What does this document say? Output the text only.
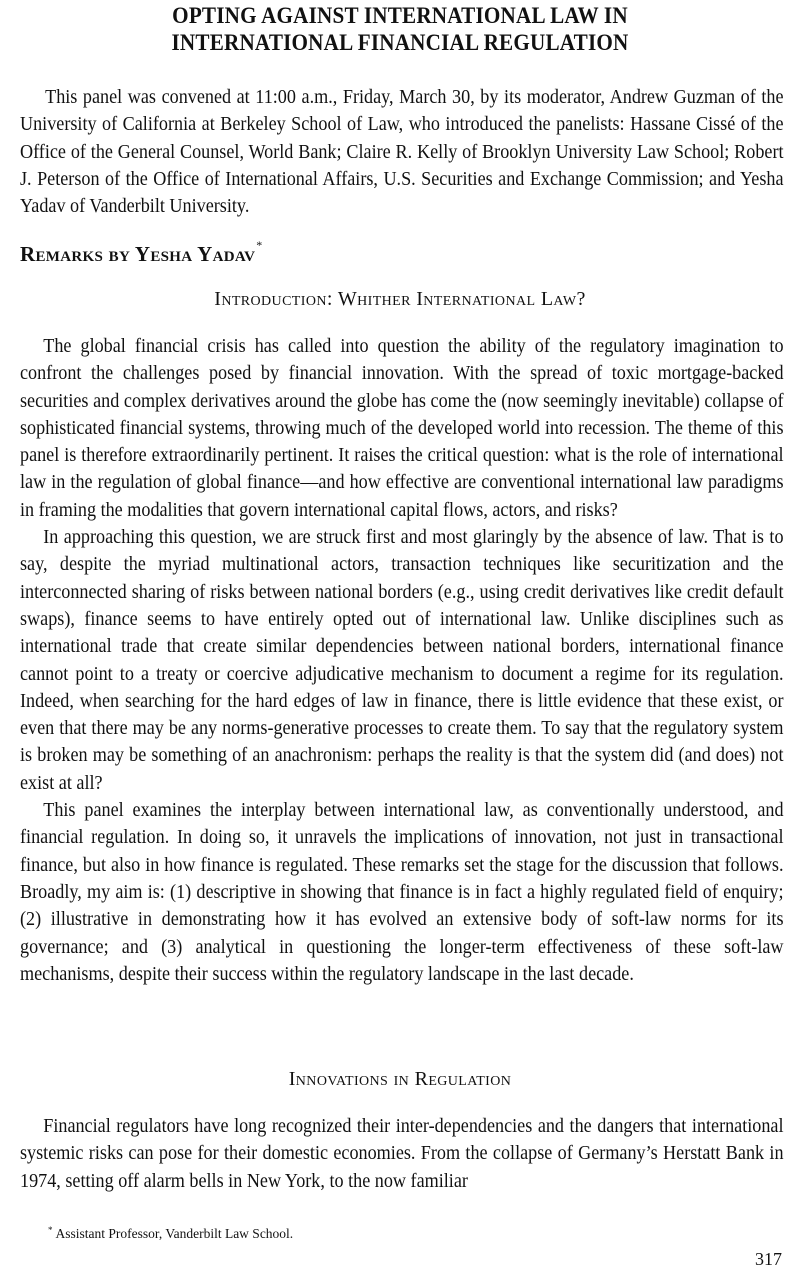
OPTING AGAINST INTERNATIONAL LAW IN
INTERNATIONAL FINANCIAL REGULATION

This panel was convened at 11:00 a.m., Friday, March 30, by its moderator, Andrew Guzman of the University of California at Berkeley School of Law, who introduced the panelists: Hassane Cissé of the Office of the General Counsel, World Bank; Claire R. Kelly of Brooklyn University Law School; Robert J. Peterson of the Office of International Affairs, U.S. Securities and Exchange Commission; and Yesha Yadav of Vanderbilt University.

Remarks by Yesha Yadav*
Introduction: Whither International Law?

The global financial crisis has called into question the ability of the regulatory imagination to confront the challenges posed by financial innovation. With the spread of toxic mortgage-backed securities and complex derivatives around the globe has come the (now seemingly inevitable) collapse of sophisticated financial systems, throwing much of the developed world into recession. The theme of this panel is therefore extraordinarily pertinent. It raises the critical question: what is the role of international law in the regulation of global finance—and how effective are conventional international law paradigms in framing the modalities that govern international capital flows, actors, and risks?

In approaching this question, we are struck first and most glaringly by the absence of law. That is to say, despite the myriad multinational actors, transaction techniques like securitization and the interconnected sharing of risks between national borders (e.g., using credit derivatives like credit default swaps), finance seems to have entirely opted out of international law. Unlike disciplines such as international trade that create similar dependencies between national borders, international finance cannot point to a treaty or coercive adjudicative mechanism to document a regime for its regulation. Indeed, when searching for the hard edges of law in finance, there is little evidence that these exist, or even that there may be any norms-generative processes to create them. To say that the regulatory system is broken may be something of an anachronism: perhaps the reality is that the system did (and does) not exist at all?

This panel examines the interplay between international law, as conventionally understood, and financial regulation. In doing so, it unravels the implications of innovation, not just in transactional finance, but also in how finance is regulated. These remarks set the stage for the discussion that follows. Broadly, my aim is: (1) descriptive in showing that finance is in fact a highly regulated field of enquiry; (2) illustrative in demonstrating how it has evolved an extensive body of soft-law norms for its governance; and (3) analytical in questioning the longer-term effectiveness of these soft-law mechanisms, despite their success within the regulatory landscape in the last decade.

Innovations in Regulation

Financial regulators have long recognized their inter-dependencies and the dangers that international systemic risks can pose for their domestic economies. From the collapse of Germany’s Herstatt Bank in 1974, setting off alarm bells in New York, to the now familiar

* Assistant Professor, Vanderbilt Law School.
317
